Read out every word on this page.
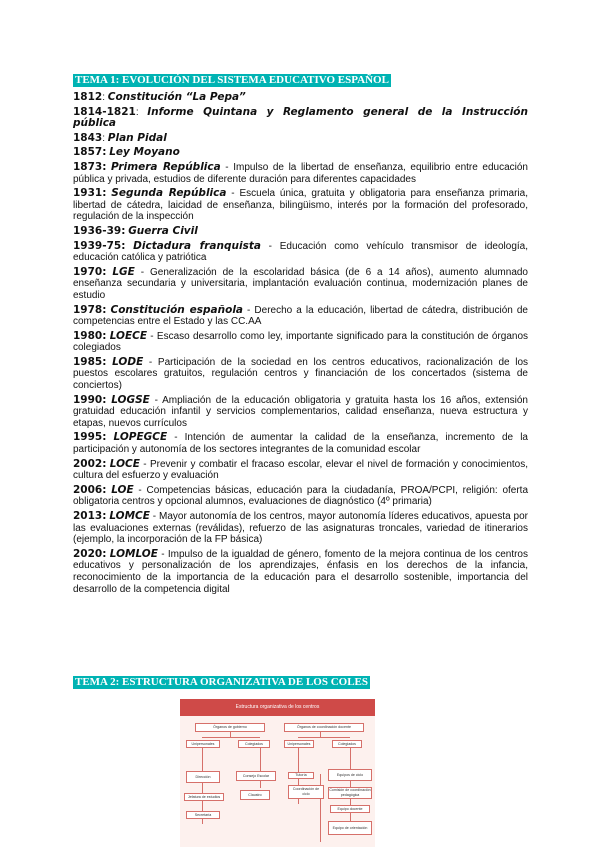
TEMA 1: EVOLUCIÓN DEL SISTEMA EDUCATIVO ESPAÑOL
1812: Constitución “La Pepa”
1814-1821: Informe Quintana y Reglamento general de la Instrucción pública
1843: Plan Pidal
1857: Ley Moyano
1873: Primera República - Impulso de la libertad de enseñanza, equilibrio entre educación pública y privada, estudios de diferente duración para diferentes capacidades
1931: Segunda República - Escuela única, gratuita y obligatoria para enseñanza primaria, libertad de cátedra, laicidad de enseñanza, bilingüismo, interés por la formación del profesorado, regulación de la inspección
1936-39: Guerra Civil
1939-75: Dictadura franquista - Educación como vehículo transmisor de ideología, educación católica y patriótica
1970: LGE - Generalización de la escolaridad básica (de 6 a 14 años), aumento alumnado enseñanza secundaria y universitaria, implantación evaluación continua, modernización planes de estudio
1978: Constitución española - Derecho a la educación, libertad de cátedra, distribución de competencias entre el Estado y las CC.AA
1980: LOECE - Escaso desarrollo como ley, importante significado para la constitución de órganos colegiados
1985: LODE - Participación de la sociedad en los centros educativos, racionalización de los puestos escolares gratuitos, regulación centros y financiación de los concertados (sistema de conciertos)
1990: LOGSE - Ampliación de la educación obligatoria y gratuita hasta los 16 años, extensión gratuidad educación infantil y servicios complementarios, calidad enseñanza, nueva estructura y etapas, nuevos currículos
1995: LOPEGCE - Intención de aumentar la calidad de la enseñanza, incremento de la participación y autonomía de los sectores integrantes de la comunidad escolar
2002: LOCE - Prevenir y combatir el fracaso escolar, elevar el nivel de formación y conocimientos, cultura del esfuerzo y evaluación
2006: LOE - Competencias básicas, educación para la ciudadanía, PROA/PCPI, religión: oferta obligatoria centros y opcional alumnos, evaluaciones de diagnóstico (4º primaria)
2013: LOMCE - Mayor autonomía de los centros, mayor autonomía líderes educativos, apuesta por las evaluaciones externas (reválidas), refuerzo de las asignaturas troncales, variedad de itinerarios (ejemplo, la incorporación de la FP básica)
2020: LOMLOE - Impulso de la igualdad de género, fomento de la mejora continua de los centros educativos y personalización de los aprendizajes, énfasis en los derechos de la infancia, reconocimiento de la importancia de la educación para el desarrollo sostenible, importancia del desarrollo de la competencia digital
TEMA 2: ESTRUCTURA ORGANIZATIVA DE LOS COLES
Estructura organizativa de los centros
Órganos de gobierno	Órganos de coordinación docente
Unipersonales	Colegiados	Unipersonales	Colegiados
Dirección
Jefatura de estudios
Secretaría
Consejo Escolar
Claustro
Tutoría
Coordinación de ciclo
Equipos de ciclo
Comisión de coordinación pedagógica
Equipo docente
Equipo de orientación
